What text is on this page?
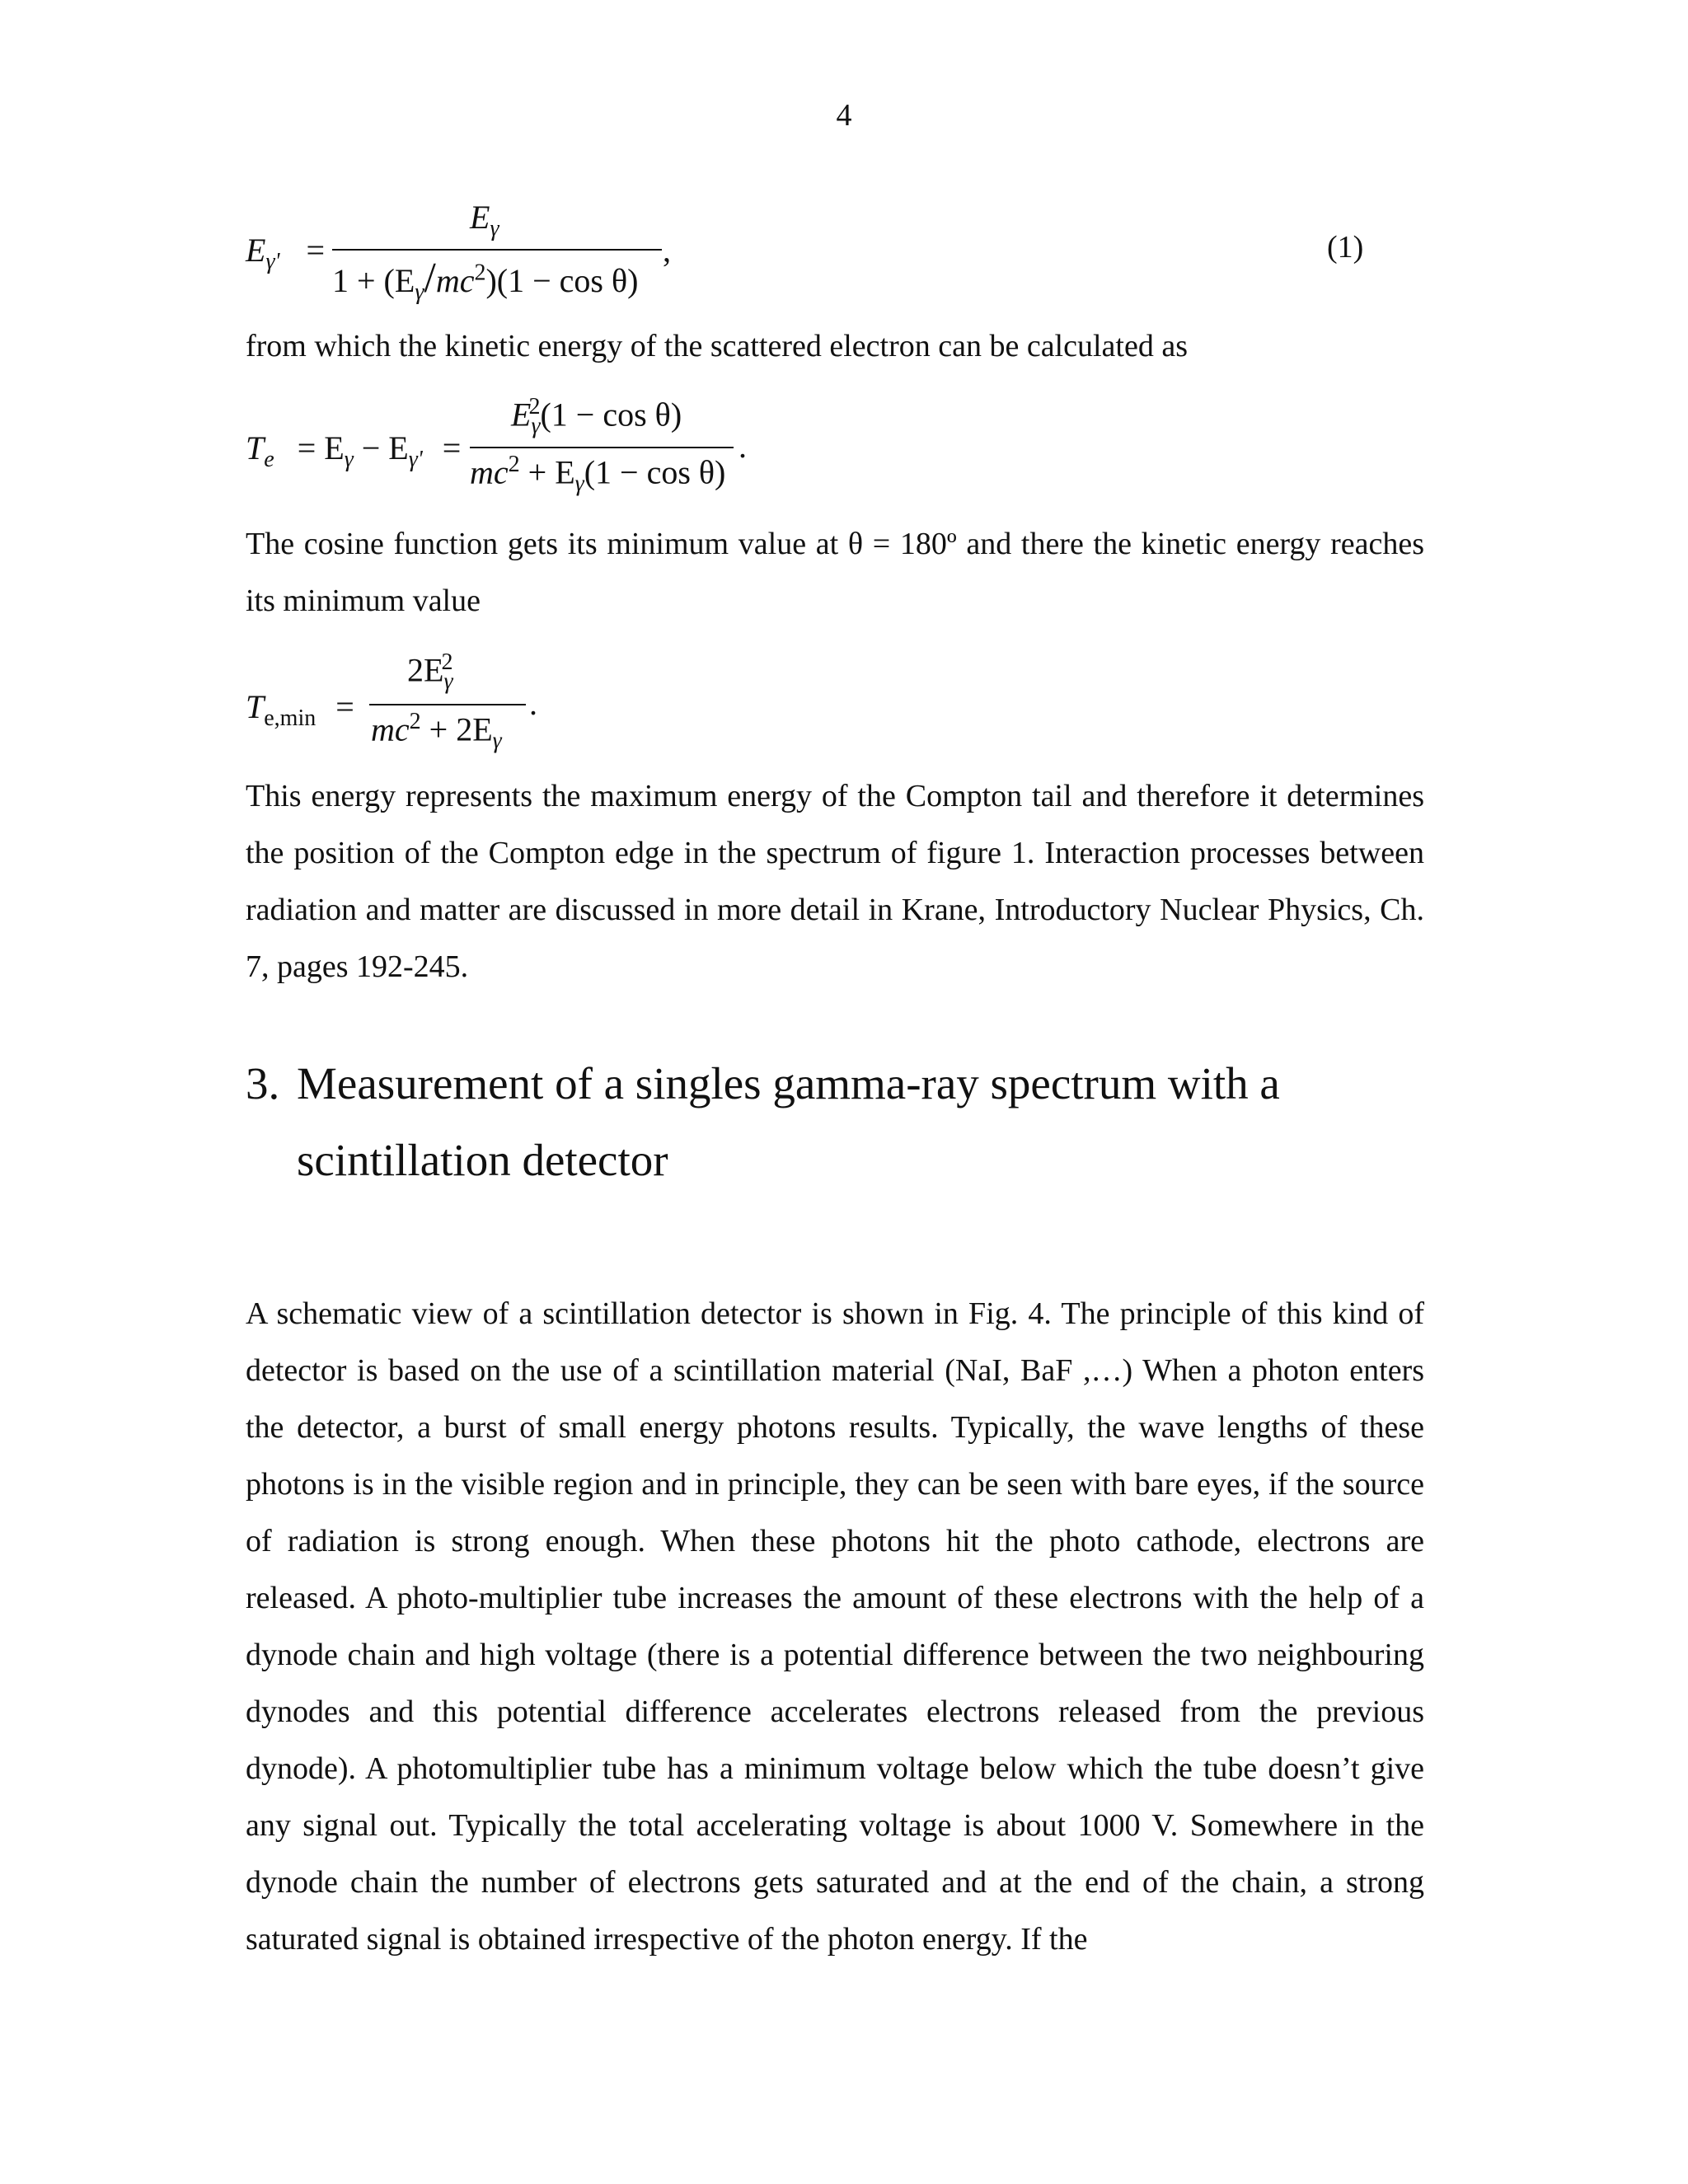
4
$E_{\gamma'}$ =
$E_\gamma$
$1 + (E_\gamma/mc^2)(1 - \cos \theta)$
,	(1)
from which the kinetic energy of the scattered electron can be calculated as
$T_e = E_\gamma - E_{\gamma'}$ =
$E_\gamma^2(1 - \cos \theta)$
$mc^2 + E_\gamma(1 - \cos \theta)$
.
The cosine function gets its minimum value at θ = 180º and there the kinetic energy reaches its minimum value
$T_{e,min}$ =
$2E_\gamma^2$
$mc^2 + 2E_\gamma$
.
This energy represents the maximum energy of the Compton tail and therefore it determines the position of the Compton edge in the spectrum of figure 1. Interaction processes between radiation and matter are discussed in more detail in Krane, Introductory Nuclear Physics, Ch. 7, pages 192-245.
3. Measurement of a singles gamma-ray spectrum with a
scintillation detector
A schematic view of a scintillation detector is shown in Fig. 4. The principle of this kind of detector is based on the use of a scintillation material (NaI, BaF ,…) When a photon enters the detector, a burst of small energy photons results. Typically, the wave lengths of these photons is in the visible region and in principle, they can be seen with bare eyes, if the source of radiation is strong enough. When these photons hit the photo cathode, electrons are released. A photo-multiplier tube increases the amount of these electrons with the help of a dynode chain and high voltage (there is a potential difference between the two neighbouring dynodes and this potential difference accelerates electrons released from the previous dynode). A photomultiplier tube has a minimum voltage below which the tube doesn’t give any signal out. Typically the total accelerating voltage is about 1000 V. Somewhere in the dynode chain the number of electrons gets saturated and at the end of the chain, a strong saturated signal is obtained irrespective of the photon energy. If the
